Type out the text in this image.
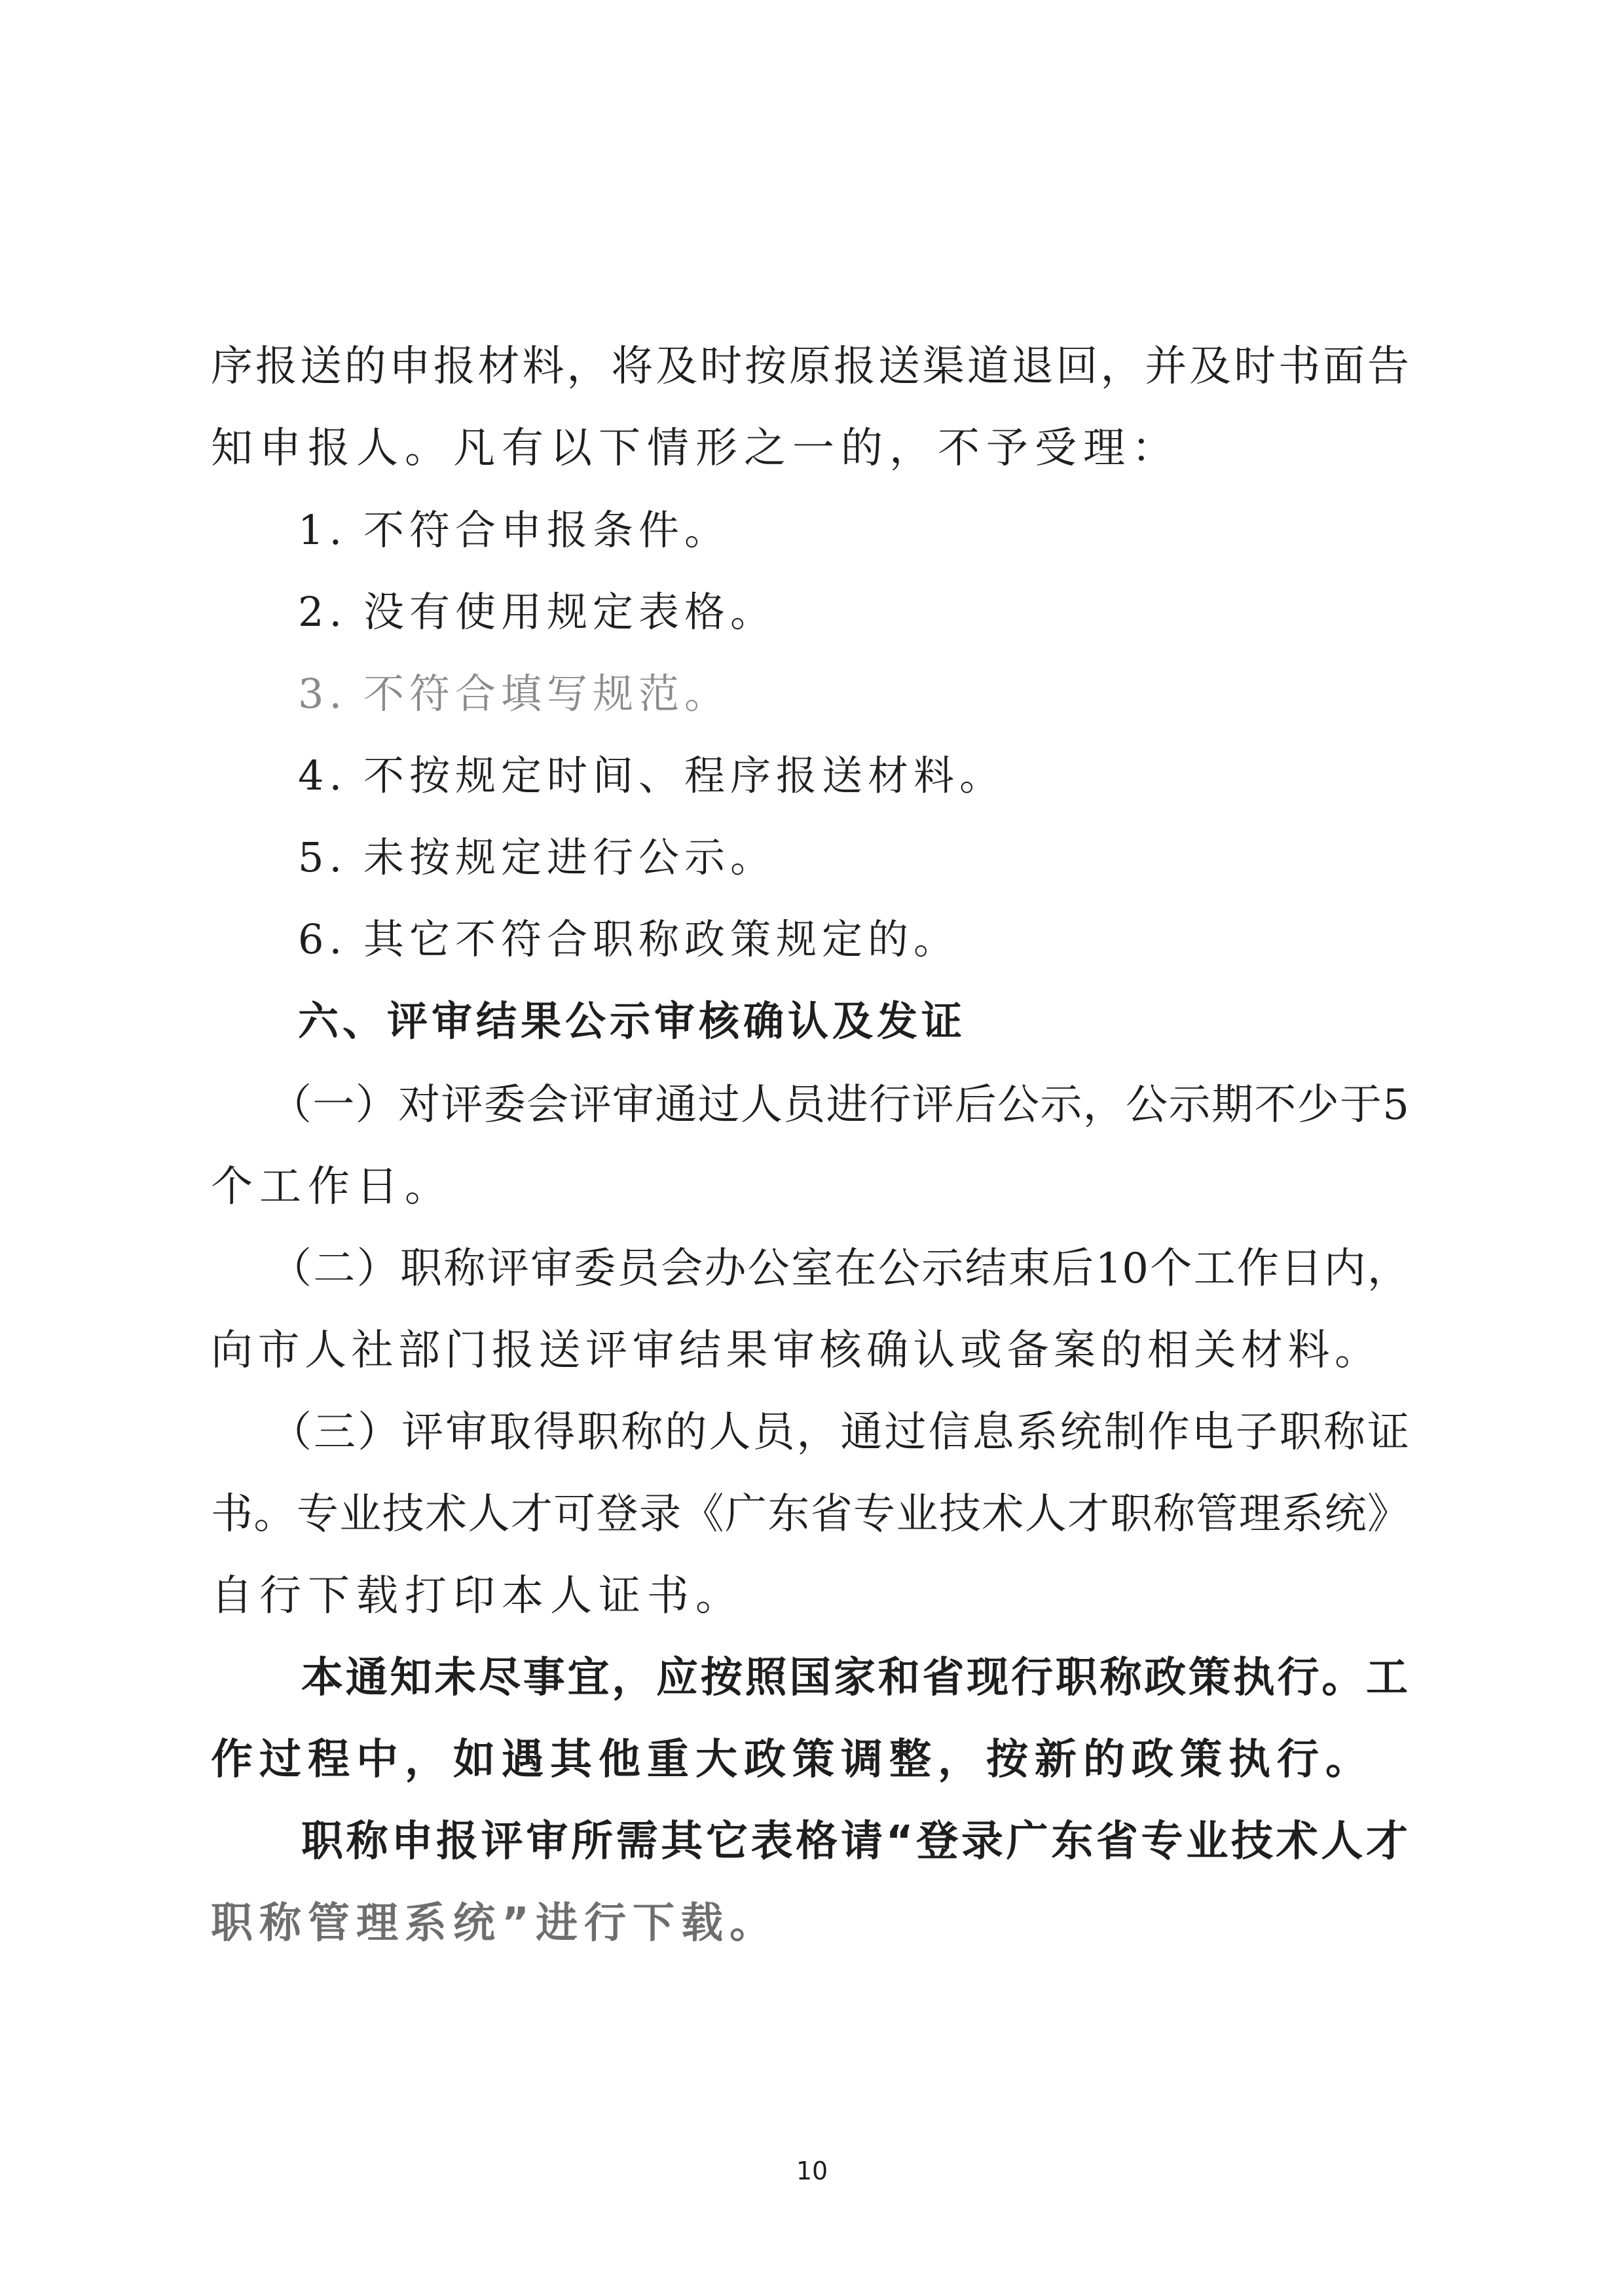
序报送的申报材料，将及时按原报送渠道退回，并及时书面告
知申报人。凡有以下情形之一的，不予受理：
1. 不符合申报条件。
2. 没有使用规定表格。
3. 不符合填写规范。
4. 不按规定时间、程序报送材料。
5. 未按规定进行公示。
6. 其它不符合职称政策规定的。
六、评审结果公示审核确认及发证
（一）对评委会评审通过人员进行评后公示，公示期不少于5
个工作日。
（二）职称评审委员会办公室在公示结束后10个工作日内，
向市人社部门报送评审结果审核确认或备案的相关材料。
（三）评审取得职称的人员，通过信息系统制作电子职称证
书。专业技术人才可登录《广东省专业技术人才职称管理系统》
自行下载打印本人证书。
本通知未尽事宜，应按照国家和省现行职称政策执行。工
作过程中，如遇其他重大政策调整，按新的政策执行。
职称申报评审所需其它表格请“登录广东省专业技术人才
职称管理系统”进行下载。
10
